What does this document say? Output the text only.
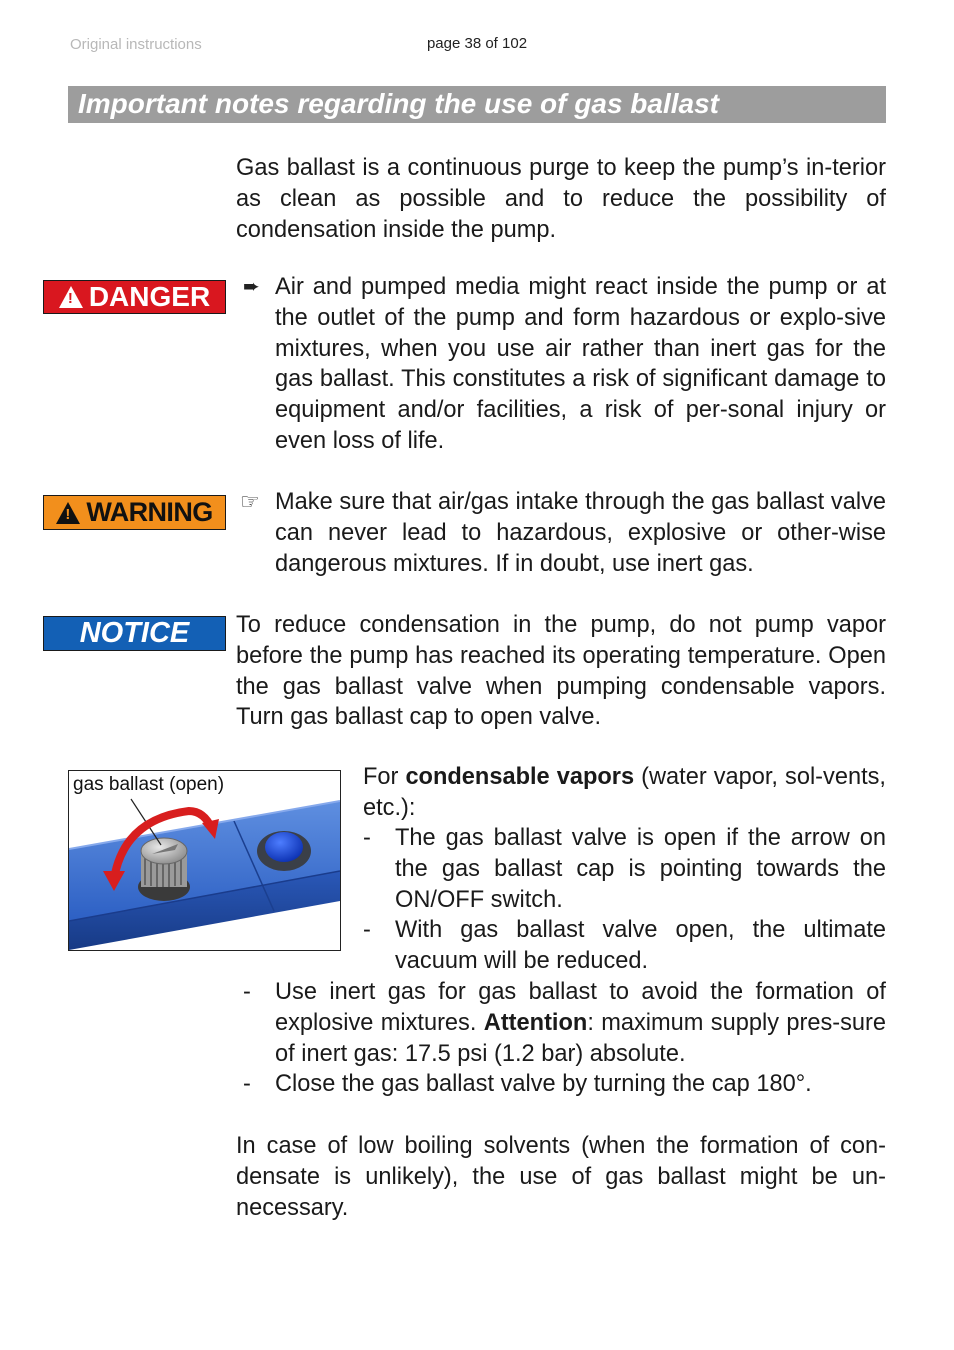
Original instructions	page 38 of 102
Important notes regarding the use of gas ballast

Gas ballast is a continuous purge to keep the pump’s in-terior as clean as possible and to reduce the possibility of condensation inside the pump.

! DANGER ➨ Air and pumped media might react inside the pump or at the outlet of the pump and form hazardous or explo-sive mixtures, when you use air rather than inert gas for the gas ballast. This constitutes a risk of significant damage to equipment and/or facilities, a risk of per-sonal injury or even loss of life.

! WARNING ☞ Make sure that air/gas intake through the gas ballast valve can never lead to hazardous, explosive or other-wise dangerous mixtures. If in doubt, use inert gas.

NOTICE To reduce condensation in the pump, do not pump vapor before the pump has reached its operating temperature. Open the gas ballast valve when pumping condensable vapors. Turn gas ballast cap to open valve.

gas ballast (open)	For condensable vapors (water vapor, sol-vents, etc.):

- The gas ballast valve is open if the arrow on the gas ballast cap is pointing towards the ON/OFF switch.
- With gas ballast valve open, the ultimate vacuum will be reduced.
- Use inert gas for gas ballast to avoid the formation of explosive mixtures. Attention: maximum supply pres-sure of inert gas: 17.5 psi (1.2 bar) absolute.
- Close the gas ballast valve by turning the cap 180°.

In case of low boiling solvents (when the formation of con-densate is unlikely), the use of gas ballast might be un-necessary.
